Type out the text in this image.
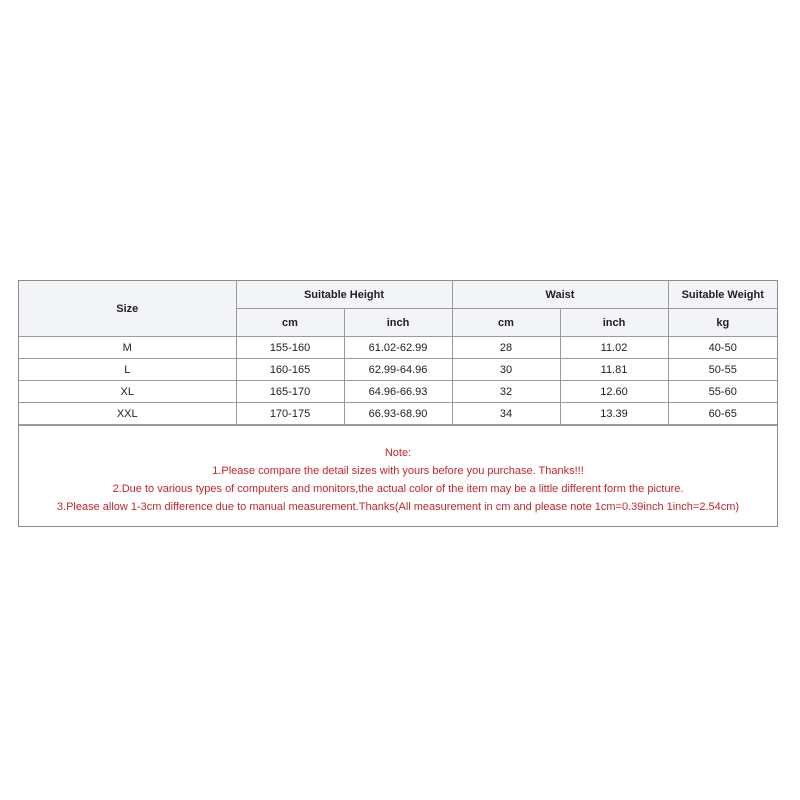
Size	Suitable Height		Waist		Suitable Weight
	cm	inch	cm	inch	kg
M	155-160	61.02-62.99	28	11.02	40-50
L	160-165	62.99-64.96	30	11.81	50-55
XL	165-170	64.96-66.93	32	12.60	55-60
XXL	170-175	66.93-68.90	34	13.39	60-65
Note:
1.Please compare the detail sizes with yours before you purchase. Thanks!!!
2.Due to various types of computers and monitors,the actual color of the item may be a little different form the picture.
3.Please allow 1-3cm difference due to manual measurement.Thanks(All measurement in cm and please note 1cm=0.39inch 1inch=2.54cm)
